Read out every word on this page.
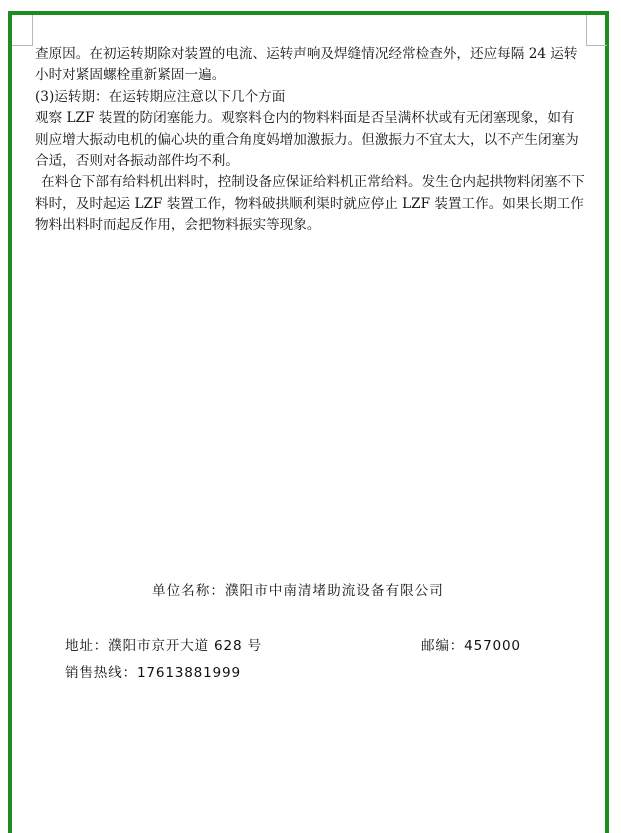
查原因。在初运转期除对装置的电流、运转声响及焊缝情况经常检查外，还应每隔 24 运转小时对紧固螺栓重新紧固一遍。

(3)运转期：在运转期应注意以下几个方面

观察 LZF 装置的防闭塞能力。观察料仓内的物料料面是否呈满杯状或有无闭塞现象，如有则应增大振动电机的偏心块的重合角度妈增加激振力。但激振力不宜太大，以不产生闭塞为合适，否则对各振动部件均不利。

在料仓下部有给料机出料时，控制设备应保证给料机正常给料。发生仓内起拱物料闭塞不下料时，及时起运 LZF 装置工作，物料破拱顺利渠时就应停止 LZF 装置工作。如果长期工作物料出料时而起反作用，会把物料振实等现象。

单位名称：濮阳市中南清堵助流设备有限公司
地址：濮阳市京开大道 628 号	邮编：457000
销售热线：17613881999
